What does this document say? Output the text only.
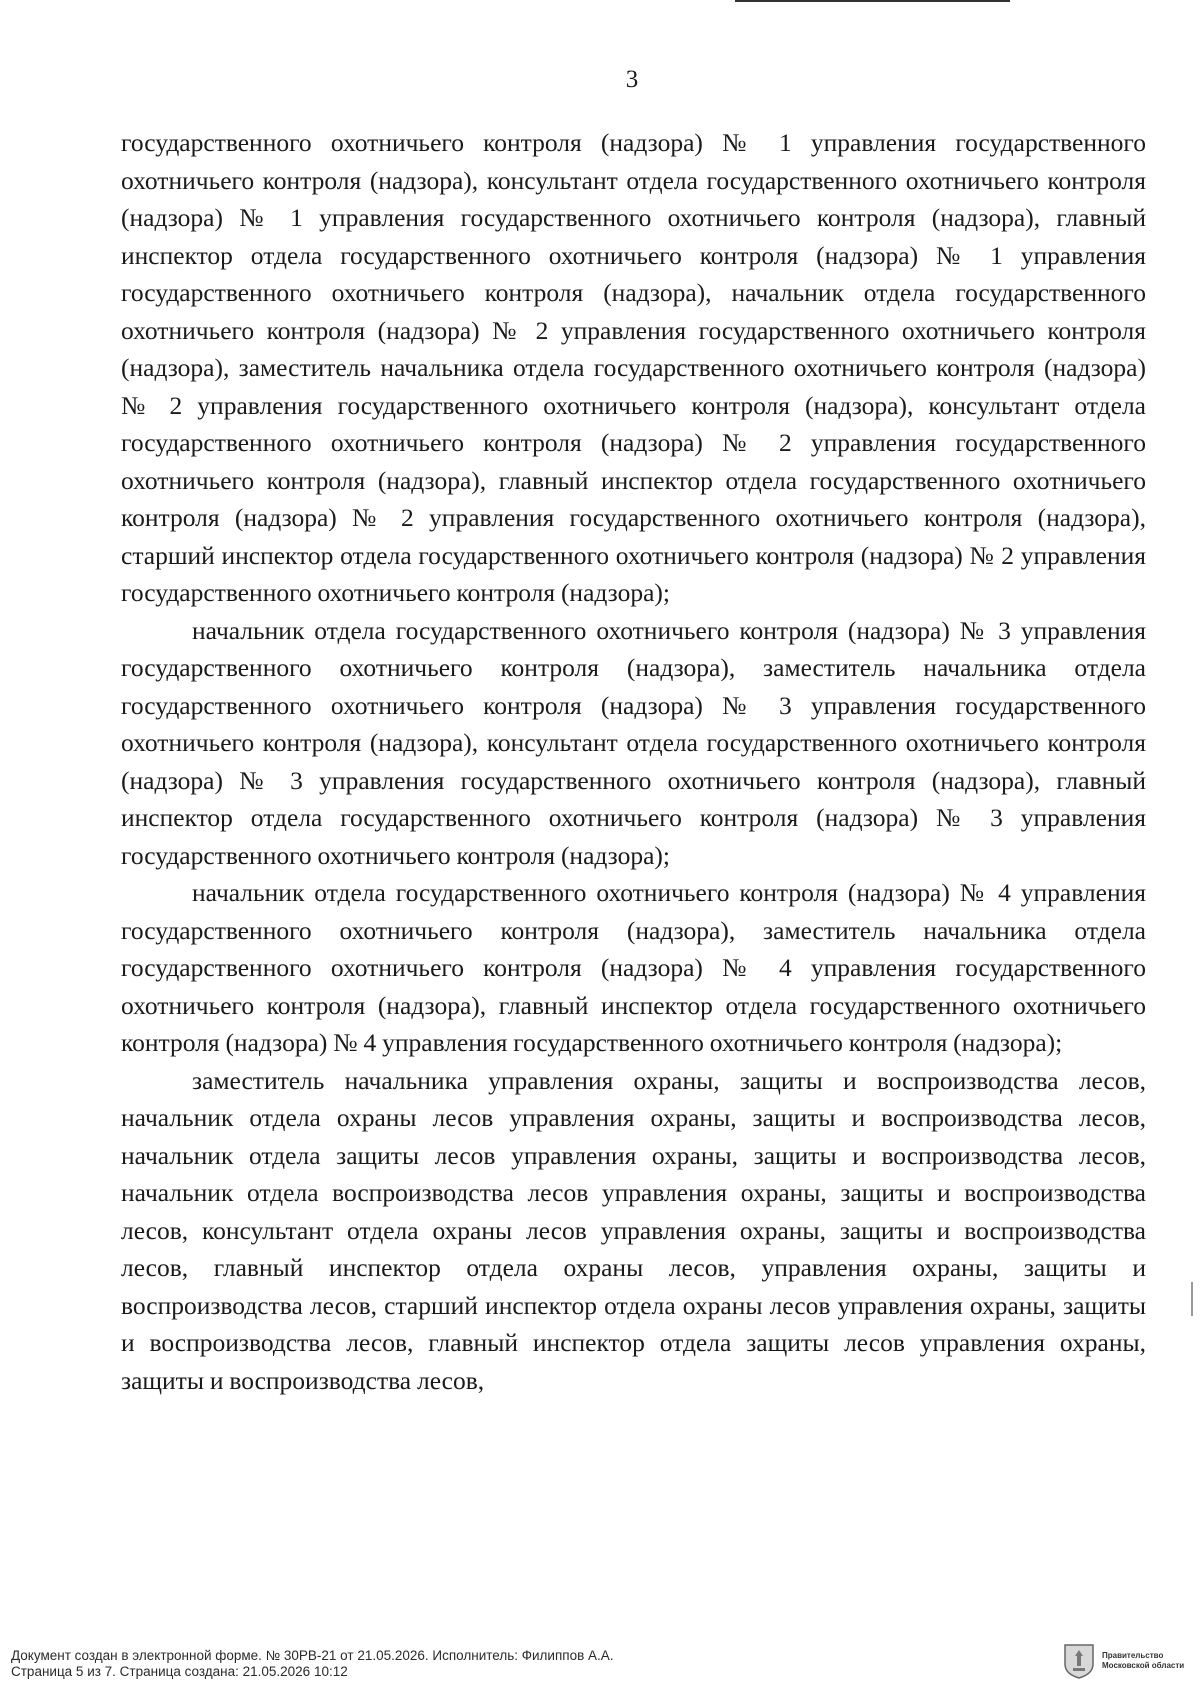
3

государственного охотничьего контроля (надзора) № 1 управления государственного охотничьего контроля (надзора), консультант отдела государственного охотничьего контроля (надзора) № 1 управления государственного охотничьего контроля (надзора), главный инспектор отдела государственного охотничьего контроля (надзора) № 1 управления государственного охотничьего контроля (надзора), начальник отдела государственного охотничьего контроля (надзора) № 2 управления государственного охотничьего контроля (надзора), заместитель начальника отдела государственного охотничьего контроля (надзора) № 2 управления государственного охотничьего контроля (надзора), консультант отдела государственного охотничьего контроля (надзора) № 2 управления государственного охотничьего контроля (надзора), главный инспектор отдела государственного охотничьего контроля (надзора) № 2 управления государственного охотничьего контроля (надзора), старший инспектор отдела государственного охотничьего контроля (надзора) № 2 управления государственного охотничьего контроля (надзора);

начальник отдела государственного охотничьего контроля (надзора) № 3 управления государственного охотничьего контроля (надзора), заместитель начальника отдела государственного охотничьего контроля (надзора) № 3 управления государственного охотничьего контроля (надзора), консультант отдела государственного охотничьего контроля (надзора) № 3 управления государственного охотничьего контроля (надзора), главный инспектор отдела государственного охотничьего контроля (надзора) № 3 управления государственного охотничьего контроля (надзора);

начальник отдела государственного охотничьего контроля (надзора) № 4 управления государственного охотничьего контроля (надзора), заместитель начальника отдела государственного охотничьего контроля (надзора) № 4 управления государственного охотничьего контроля (надзора), главный инспектор отдела государственного охотничьего контроля (надзора) № 4 управления государственного охотничьего контроля (надзора);

заместитель начальника управления охраны, защиты и воспроизводства лесов, начальник отдела охраны лесов управления охраны, защиты и воспроизводства лесов, начальник отдела защиты лесов управления охраны, защиты и воспроизводства лесов, начальник отдела воспроизводства лесов управления охраны, защиты и воспроизводства лесов, консультант отдела охраны лесов управления охраны, защиты и воспроизводства лесов, главный инспектор отдела охраны лесов, управления охраны, защиты и воспроизводства лесов, старший инспектор отдела охраны лесов управления охраны, защиты и воспроизводства лесов, главный инспектор отдела защиты лесов управления охраны, защиты и воспроизводства лесов,

Документ создан в электронной форме. № 30РВ-21 от 21.05.2026. Исполнитель: Филиппов А.А.
Страница 5 из 7. Страница создана: 21.05.2026 10:12
Правительство
Московской области
